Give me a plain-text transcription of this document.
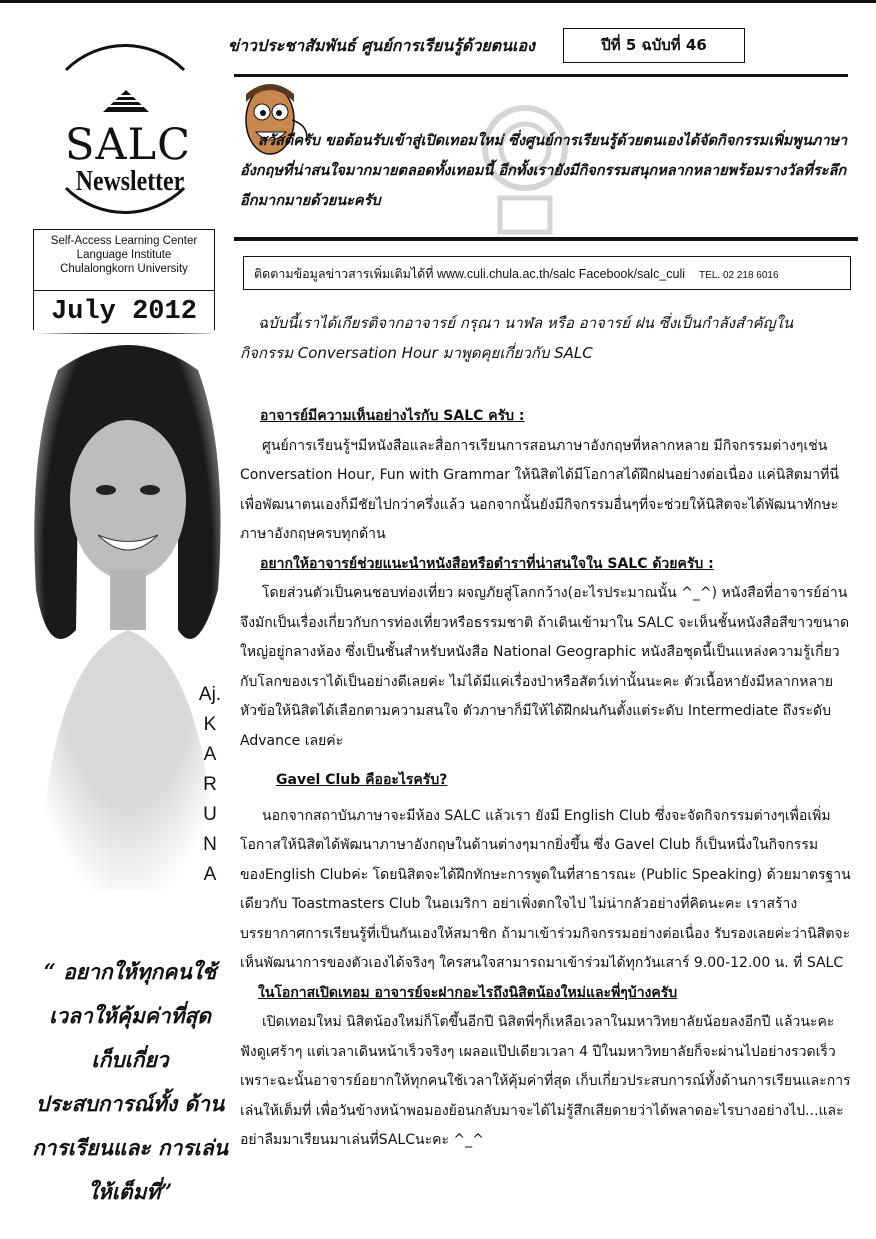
SALC
Newsletter
Self-Access Learning Center
Language Institute
Chulalongkorn University
July 2012
ข่าวประชาสัมพันธ์ ศูนย์การเรียนรู้ด้วยตนเอง	ปีที่ 5 ฉบับที่ 46

สวัสดีครับ ขอต้อนรับเข้าสู่เปิดเทอมใหม่ ซึ่งศูนย์การเรียนรู้ด้วยตนเองได้จัดกิจกรรมเพิ่มพูนภาษาอังกฤษที่น่าสนใจมากมายตลอดทั้งเทอมนี้ อีกทั้งเรายังมีกิจกรรมสนุกหลากหลายพร้อมรางวัลที่ระลึกอีกมากมายด้วยนะครับ

ติดตามข้อมูลข่าวสารเพิ่มเติมได้ที่ www.culi.chula.ac.th/salc Facebook/salc_culi TEL. 02 218 6016

ฉบับนี้เราได้เกียรติจากอาจารย์ กรุณา นาฬล หรือ อาจารย์ ฝน ซึ่งเป็นกำลังสำคัญใน กิจกรรม Conversation Hour มาพูดคุยเกี่ยวกับ SALC

Aj.
K
A
R
U
N
A
“ อยากให้ทุกคนใช้ เวลาให้คุ้มค่าที่สุด เก็บเกี่ยว ประสบการณ์ทั้ง ด้านการเรียนและ การเล่นให้เต็มที่”
อาจารย์มีความเห็นอย่างไรกับ SALC ครับ :

ศูนย์การเรียนรู้ฯมีหนังสือและสื่อการเรียนการสอนภาษาอังกฤษที่หลากหลาย มีกิจกรรมต่างๆเช่น Conversation Hour, Fun with Grammar ให้นิสิตได้มีโอกาสได้ฝึกฝนอย่างต่อเนื่อง แค่นิสิตมาที่นี่เพื่อพัฒนาตนเองก็มีชัยไปกว่าครึ่งแล้ว นอกจากนั้นยังมีกิจกรรมอื่นๆที่จะช่วยให้นิสิตจะได้พัฒนาทักษะภาษาอังกฤษครบทุกด้าน

อยากให้อาจารย์ช่วยแนะนำหนังสือหรือตำราที่น่าสนใจใน SALC ด้วยครับ :

โดยส่วนตัวเป็นคนชอบท่องเที่ยว ผจญภัยสู่โลกกว้าง(อะไรประมาณนั้น ^_^) หนังสือที่อาจารย์อ่านจึงมักเป็นเรื่องเกี่ยวกับการท่องเที่ยวหรือธรรมชาติ ถ้าเดินเข้ามาใน SALC จะเห็นชั้นหนังสือสีขาวขนาดใหญ่อยู่กลางห้อง ซึ่งเป็นชั้นสำหรับหนังสือ National Geographic หนังสือชุดนี้เป็นแหล่งความรู้เกี่ยวกับโลกของเราได้เป็นอย่างดีเลยค่ะ ไม่ได้มีแค่เรื่องป่าหรือสัตว์เท่านั้นนะคะ ตัวเนื้อหายังมีหลากหลายหัวข้อให้นิสิตได้เลือกตามความสนใจ ตัวภาษาก็มีให้ได้ฝึกฝนกันตั้งแต่ระดับ Intermediate ถึงระดับ Advance เลยค่ะ

Gavel Club คืออะไรครับ?

นอกจากสถาบันภาษาจะมีห้อง SALC แล้วเรา ยังมี English Club ซึ่งจะจัดกิจกรรมต่างๆเพื่อเพิ่มโอกาสให้นิสิตได้พัฒนาภาษาอังกฤษในด้านต่างๆมากยิ่งขึ้น ซึ่ง Gavel Club ก็เป็นหนึ่งในกิจกรรมของEnglish Clubค่ะ โดยนิสิตจะได้ฝึกทักษะการพูดในที่สาธารณะ (Public Speaking) ด้วยมาตรฐานเดียวกับ Toastmasters Club ในอเมริกา อย่าเพิ่งตกใจไป ไม่น่ากลัวอย่างที่คิดนะคะ เราสร้างบรรยากาศการเรียนรู้ที่เป็นกันเองให้สมาชิก ถ้ามาเข้าร่วมกิจกรรมอย่างต่อเนื่อง รับรองเลยค่ะว่านิสิตจะเห็นพัฒนาการของตัวเองได้จริงๆ ใครสนใจสามารถมาเข้าร่วมได้ทุกวันเสาร์ 9.00-12.00 น. ที่ SALC

ในโอกาสเปิดเทอม อาจารย์จะฝากอะไรถึงนิสิตน้องใหม่และพี่ๆบ้างครับ

เปิดเทอมใหม่ นิสิตน้องใหม่ก็โตขึ้นอีกปี นิสิตพี่ๆก็เหลือเวลาในมหาวิทยาลัยน้อยลงอีกปี แล้วนะคะ ฟังดูเศร้าๆ แต่เวลาเดินหน้าเร็วจริงๆ เผลอแป๊ปเดียวเวลา 4 ปีในมหาวิทยาลัยก็จะผ่านไปอย่างรวดเร็ว เพราะฉะนั้นอาจารย์อยากให้ทุกคนใช้เวลาให้คุ้มค่าที่สุด เก็บเกี่ยวประสบการณ์ทั้งด้านการเรียนและการเล่นให้เต็มที่ เพื่อวันข้างหน้าพอมองย้อนกลับมาจะได้ไม่รู้สึกเสียดายว่าได้พลาดอะไรบางอย่างไป...และอย่าลืมมาเรียนมาเล่นที่SALCนะคะ ^_^
